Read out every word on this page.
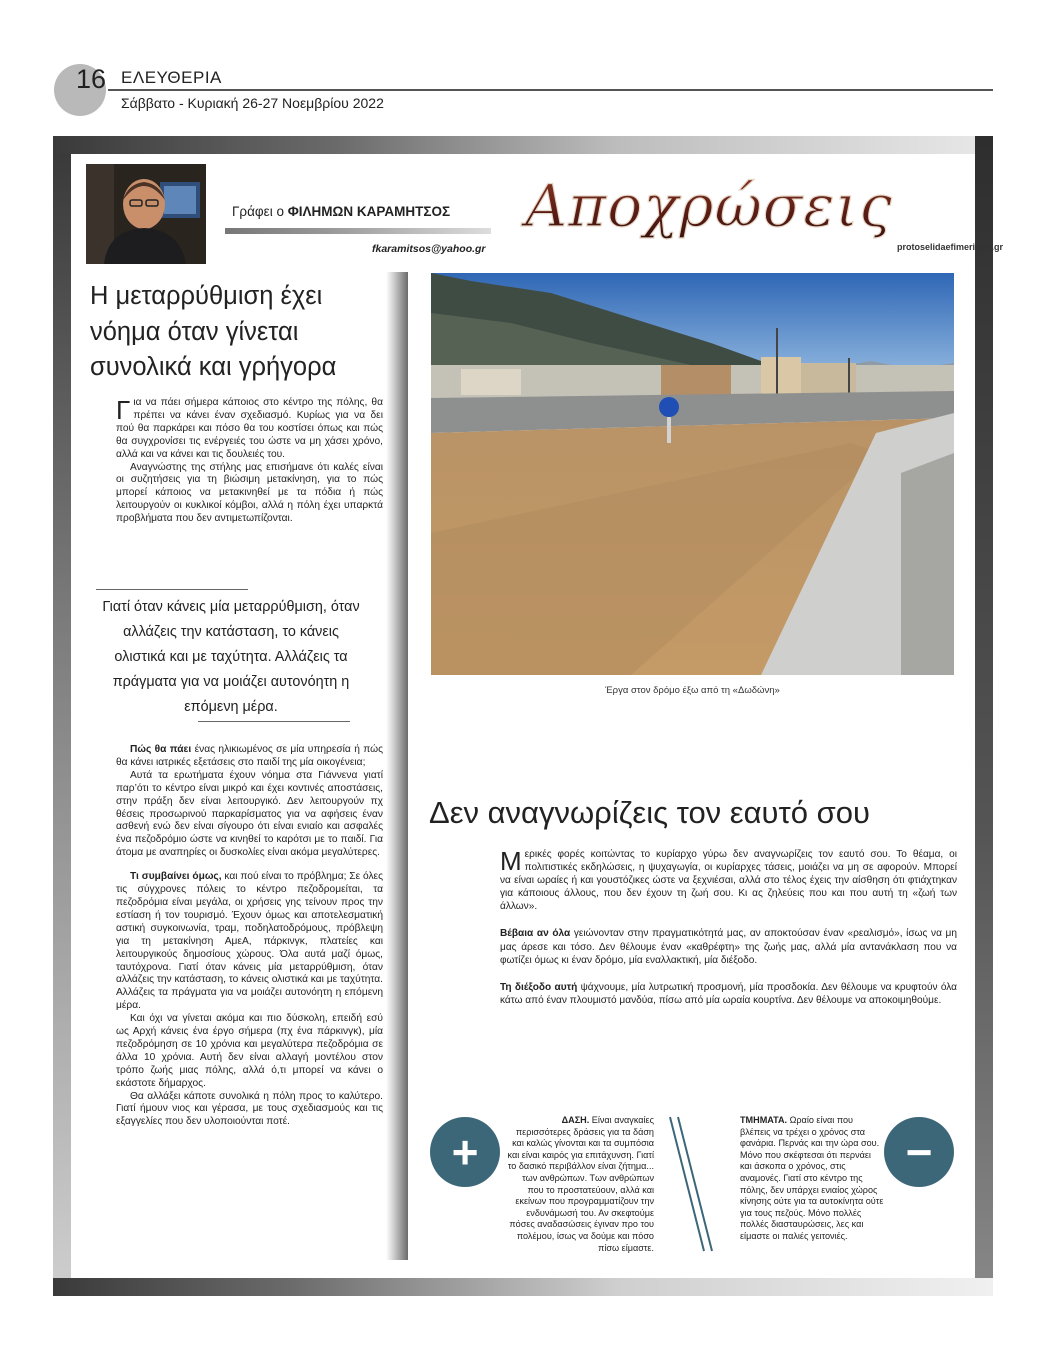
16 ΕΛΕΥΘΕΡΙΑ
Σάββατο - Κυριακή 26-27 Νοεμβρίου 2022
Γράφει ο ΦΙΛΗΜΩΝ ΚΑΡΑΜΗΤΣΟΣ
fkaramitsos@yahoo.gr
Αποχρώσεις
protoselidaefimeridon.gr
Η μεταρρύθμιση έχει νόημα όταν γίνεται συνολικά και γρήγορα

Για να πάει σήμερα κάποιος στο κέντρο της πόλης, θα πρέπει να κάνει έναν σχεδιασμό. Κυρίως για να δει πού θα παρκάρει και πόσο θα του κοστίσει όπως και πώς θα συγχρονίσει τις ενέργειές του ώστε να μη χάσει χρόνο, αλλά και να κάνει και τις δουλειές του.

Αναγνώστης της στήλης μας επισήμανε ότι καλές είναι οι συζητήσεις για τη βιώσιμη μετακίνηση, για το πώς μπορεί κάποιος να μετακινηθεί με τα πόδια ή πώς λειτουργούν οι κυκλικοί κόμβοι, αλλά η πόλη έχει υπαρκτά προβλήματα που δεν αντιμετωπίζονται.

Γιατί όταν κάνεις μία μεταρρύθμιση, όταν αλλάζεις την κατάσταση, το κάνεις ολιστικά και με ταχύτητα. Αλλάζεις τα πράγματα για να μοιάζει αυτονόητη η επόμενη μέρα.

Πώς θα πάει ένας ηλικιωμένος σε μία υπηρεσία ή πώς θα κάνει ιατρικές εξετάσεις στο παιδί της μία οικογένεια;

Αυτά τα ερωτήματα έχουν νόημα στα Γιάννενα γιατί παρ’ότι το κέντρο είναι μικρό και έχει κοντινές αποστάσεις, στην πράξη δεν είναι λειτουργικό. Δεν λειτουργούν πχ θέσεις προσωρινού παρκαρίσματος για να αφήσεις έναν ασθενή ενώ δεν είναι σίγουρο ότι είναι ενιαίο και ασφαλές ένα πεζοδρόμιο ώστε να κινηθεί το καρότσι με το παιδί. Για άτομα με αναπηρίες οι δυσκολίες είναι ακόμα μεγαλύτερες.

Τι συμβαίνει όμως, και πού είναι το πρόβλημα; Σε όλες τις σύγχρονες πόλεις το κέντρο πεζοδρομείται, τα πεζοδρόμια είναι μεγάλα, οι χρήσεις γης τείνουν προς την εστίαση ή τον τουρισμό. Έχουν όμως και αποτελεσματική αστική συγκοινωνία, τραμ, ποδηλατοδρόμους, πρόβλεψη για τη μετακίνηση ΑμεΑ, πάρκινγκ, πλατείες και λειτουργικούς δημοσίους χώρους. Όλα αυτά μαζί όμως, ταυτόχρονα. Γιατί όταν κάνεις μία μεταρρύθμιση, όταν αλλάζεις την κατάσταση, το κάνεις ολιστικά και με ταχύτητα. Αλλάζεις τα πράγματα για να μοιάζει αυτονόητη η επόμενη μέρα.

Και όχι να γίνεται ακόμα και πιο δύσκολη, επειδή εσύ ως Αρχή κάνεις ένα έργο σήμερα (πχ ένα πάρκινγκ), μία πεζοδρόμηση σε 10 χρόνια και μεγαλύτερα πεζοδρόμια σε άλλα 10 χρόνια. Αυτή δεν είναι αλλαγή μοντέλου στον τρόπο ζωής μιας πόλης, αλλά ό,τι μπορεί να κάνει ο εκάστοτε δήμαρχος.

Θα αλλάξει κάποτε συνολικά η πόλη προς το καλύτερο. Γιατί ήμουν νιος και γέρασα, με τους σχεδιασμούς και τις εξαγγελίες που δεν υλοποιούνται ποτέ.

Έργα στον δρόμο έξω από τη «Δωδώνη»
Δεν αναγνωρίζεις τον εαυτό σου

Μερικές φορές κοιτώντας το κυρίαρχο γύρω δεν αναγνωρίζεις τον εαυτό σου. Το θέαμα, οι πολιτιστικές εκδηλώσεις, η ψυχαγωγία, οι κυρίαρχες τάσεις, μοιάζει να μη σε αφορούν. Μπορεί να είναι ωραίες ή και γουστόζικες ώστε να ξεχνιέσαι, αλλά στο τέλος έχεις την αίσθηση ότι φτιάχτηκαν για κάποιους άλλους, που δεν έχουν τη ζωή σου. Κι ας ζηλεύεις που και που αυτή τη «ζωή των άλλων».

Βέβαια αν όλα γειώνονταν στην πραγματικότητά μας, αν αποκτούσαν έναν «ρεαλισμό», ίσως να μη μας άρεσε και τόσο. Δεν θέλουμε έναν «καθρέφτη» της ζωής μας, αλλά μία αντανάκλαση που να φωτίζει όμως κι έναν δρόμο, μία εναλλακτική, μία διέξοδο.

Τη διέξοδο αυτή ψάχνουμε, μία λυτρωτική προσμονή, μία προσδοκία. Δεν θέλουμε να κρυφτούν όλα κάτω από έναν πλουμιστό μανδύα, πίσω από μία ωραία κουρτίνα. Δεν θέλουμε να αποκοιμηθούμε.

+
ΔΑΣΗ. Είναι αναγκαίες περισσότερες δράσεις για τα δάση και καλώς γίνονται και τα συμπόσια και είναι καιρός για επιτάχυνση. Γιατί το δασικό περιβάλλον είναι ζήτημα... των ανθρώπων. Των ανθρώπων που το προστατεύουν, αλλά και εκείνων που προγραμματίζουν την ενδυνάμωσή του. Αν σκεφτούμε πόσες αναδασώσεις έγιναν προ του πολέμου, ίσως να δούμε και πόσο πίσω είμαστε.
ΤΜΗΜΑΤΑ. Ωραίο είναι που βλέπεις να τρέχει ο χρόνος στα φανάρια. Περνάς και την ώρα σου. Μόνο που σκέφτεσαι ότι περνάει και άσκοπα ο χρόνος, στις αναμονές. Γιατί στο κέντρο της πόλης, δεν υπάρχει ενιαίος χώρος κίνησης ούτε για τα αυτοκίνητα ούτε για τους πεζούς. Μόνο πολλές πολλές διασταυρώσεις, λες και είμαστε οι παλιές γειτονιές.
−
